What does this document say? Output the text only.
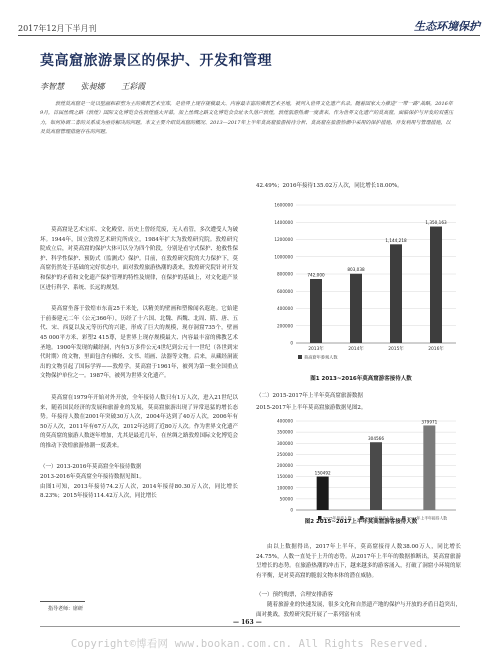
2017年12月下半月刊	生态环境保护
莫高窟旅游景区的保护、开发和管理
李智慧 张昶娜 王彩霞
敦煌莫高窟是一处以壁画和彩塑为主的佛教艺术宝库，是世界上现存规模最大、内容最丰富的佛教艺术圣地，被列入世界文化遗产名录。随着国家大力推进“一带一路”战略，2016年9月，首届丝绸之路（敦煌）国际文化博览会在敦煌盛大开幕，加上丝绸之路文化博览会会址永久落户敦煌，敦煌旅游热潮一度袭来。作为世界文化遗产的莫高窟，面临保护与开发的双重压力，如何协调二者的关系成为亟待解决的问题。本文主要介绍莫高窟的概况、2013—2017年上半年莫高窟旅游接待分析、莫高窟在旅游热潮中采用的保护措施、开发利用与管理措施，以及莫高窟管理措施存在的问题。

莫高窟是艺术宝库、文化殿堂、历史上曾经荒废，无人看管，多次遭受人为破坏。1944年，国立敦煌艺术研究所成立，1984年扩大为敦煌研究院。敦煌研究院成立后，对莫高窟的保护大体可以分为四个阶段，分别是看守式保护、抢救性保护、科学性保护、预防式（监测式）保护。目前，在敦煌研究院的大力保护下，莫高窟仍然处于基础的完好状态中，面对敦煌旅游热潮的袭来，敦煌研究院针对开发和保护的矛盾和文化遗产保护管理的特性及规律，在保护的基础上，对文化遗产景区进行科学、系统、长远的规划。

莫高窟坐落于敦煌市东南25千米处，以精美的壁画和塑像闻名遐迩。它始建于前秦建元二年（公元366年），历经了十六国、北魏、西魏、北周、隋、唐、五代、宋、西夏以及元等历代的兴建，形成了巨大的规模，现存洞窟735个，壁画45 000平方米、彩塑2 415尊，是世界上现存规模最大、内容最丰富的佛教艺术圣地。1900年发现的藏经洞，内有5万多件公元4世纪到公元十一世纪（各世到宋代时期）的文物，里面包含有佛经、文书、绢画、法器等文物。后来，从藏经洞流出的文物引起了国际学界——敦煌学。莫高窟于1961年，被列为第一批全国重点文物保护单位之一。1987年，被列为世界文化遗产。

莫高窟在1979年开始对外开放，全年接待人数只有1万人次，进入21世纪以来，随着国民经济的发展和旅游业的发展，莫高窟旅游出现了异常迅猛的增长态势。年接待人数在2001年突破30万人次，2004年达到了40万人次，2006年有50万人次，2011年有67万人次，2012年达到了近80万人次。作为世界文化遗产的莫高窟的旅游人数逐年增加，尤其是最近几年，在丝绸之路敦煌国际文化博览会的推动下敦煌旅游热潮一度袭来。

（一）2013-2016年莫高窟全年接待数据
2013-2016年莫高窟全年接待数据见图1。
由图1可知，2013年接待74.2万人次，2014年接待80.30万人次，同比增长8.23%；2015年接待114.42万人次，同比增长
42.49%；2016年接待135.02万人次，同比增长18.00%。
0
200000
400000
600000
800000
1000000
1200000
1400000
1600000
742,000
2013年
803,038
2014年
1,144,218
2015年
1,350,163
2016年
莫高窟年参观人数
图1 2013~2016年莫高窟游客接待人数
（二）2015-2017年上半年莫高窟旅游数据
2015-2017年上半年莫高窟旅游数据见图2。
0
50000
100000
150000
200000
250000
300000
350000
400000
150492
304566
379971
2015年接待人数	2016年接待人数	2017年上半年接待人数
图2 2015~2017上半年莫高窟游客接待人数

由以上数据得出，2017年上半年，莫高窟接待人数38.00万人，同比增长24.75%，人数一直处于上升的态势。从2017年上半年的数据推断出，莫高窟旅游呈增长的态势。在旅游热潮的冲击下，越来越多的游客涌入，打破了洞窟小环境的原有平衡，是对莫高窟的脆弱文物本体的潜在威胁。

（一）预约购票，合理安排游客
随着旅游业的快速发展，很多文化和自然遗产地的保护与开放的矛盾日趋突出，面对挑战，敦煌研究院开展了一系列富有成
指导老师：席研
— 163 —
Copyright©博看网 www.bookan.com.cn. All Rights Reserved.
